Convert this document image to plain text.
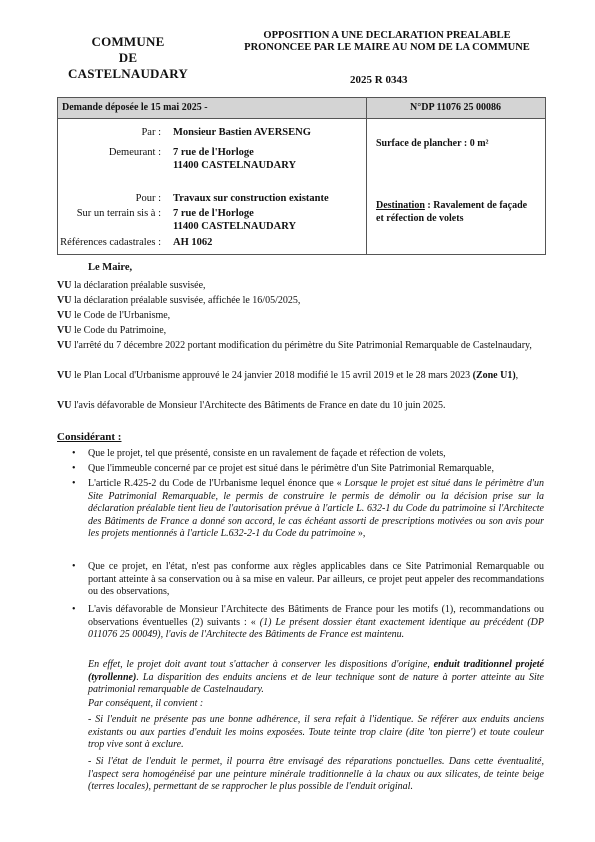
COMMUNE
DE
CASTELNAUDARY
OPPOSITION A UNE DECLARATION PREALABLE
PRONONCEE PAR LE MAIRE AU NOM DE LA COMMUNE
2025 R 0343
Demande déposée le 15 mai 2025 -	N°DP 11076 25 00086
Par : Monsieur Bastien AVERSENG
Demeurant : 7 rue de l'Horloge
11400 CASTELNAUDARY
Surface de plancher : 0 m²
Pour : Travaux sur construction existante
Sur un terrain sis à : 7 rue de l'Horloge
11400 CASTELNAUDARY
Références cadastrales : AH 1062
Destination : Ravalement de façade
et réfection de volets
Le Maire,
VU la déclaration préalable susvisée,
VU la déclaration préalable susvisée, affichée le 16/05/2025,
VU le Code de l'Urbanisme,
VU le Code du Patrimoine,
VU l'arrêté du 7 décembre 2022 portant modification du périmètre du Site Patrimonial Remarquable de Castelnaudary,
VU le Plan Local d'Urbanisme approuvé le 24 janvier 2018 modifié le 15 avril 2019 et le 28 mars 2023 (Zone U1),
VU l'avis défavorable de Monsieur l'Architecte des Bâtiments de France en date du 10 juin 2025.
Considérant :
• Que le projet, tel que présenté, consiste en un ravalement de façade et réfection de volets,
• Que l'immeuble concerné par ce projet est situé dans le périmètre d'un Site Patrimonial Remarquable,
• L'article R.425-2 du Code de l'Urbanisme lequel énonce que « Lorsque le projet est situé dans le périmètre d'un Site Patrimonial Remarquable, le permis de construire le permis de démolir ou la décision prise sur la déclaration préalable tient lieu de l'autorisation prévue à l'article L. 632-1 du Code du patrimoine si l'Architecte des Bâtiments de France a donné son accord, le cas échéant assorti de prescriptions motivées ou son avis pour les projets mentionnés à l'article L.632-2-1 du Code du patrimoine »,
• Que ce projet, en l'état, n'est pas conforme aux règles applicables dans ce Site Patrimonial Remarquable ou portant atteinte à sa conservation ou à sa mise en valeur. Par ailleurs, ce projet peut appeler des recommandations ou des observations,
• L'avis défavorable de Monsieur l'Architecte des Bâtiments de France pour les motifs (1), recommandations ou observations éventuelles (2) suivants : « (1) Le présent dossier étant exactement identique au précédent (DP 011076 25 00049), l'avis de l'Architecte des Bâtiments de France est maintenu.
En effet, le projet doit avant tout s'attacher à conserver les dispositions d'origine, enduit traditionnel projeté (tyrollenne). La disparition des enduits anciens et de leur technique sont de nature à porter atteinte au Site patrimonial remarquable de Castelnaudary.
Par conséquent, il convient :
- Si l'enduit ne présente pas une bonne adhérence, il sera refait à l'identique. Se référer aux enduits anciens existants ou aux parties d'enduit les moins exposées. Toute teinte trop claire (dite 'ton pierre') et toute couleur trop vive sont à exclure.
- Si l'état de l'enduit le permet, il pourra être envisagé des réparations ponctuelles. Dans cette éventualité, l'aspect sera homogénéisé par une peinture minérale traditionnelle à la chaux ou aux silicates, de teinte beige (terres locales), permettant de se rapprocher le plus possible de l'enduit original.
